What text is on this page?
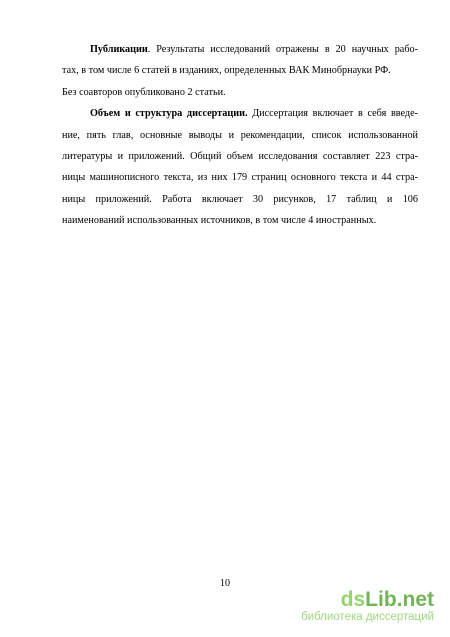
Публикации. Результаты исследований отражены в 20 научных рабо-
тах, в том числе 6 статей в изданиях, определенных ВАК Минобрнауки РФ.
Без соавторов опубликовано 2 статьи.
Объем и структура диссертации. Диссертация включает в себя введе-
ние, пять глав, основные выводы и рекомендации, список использованной
литературы и приложений. Общий объем исследования составляет 223 стра-
ницы машинописного текста, из них 179 страниц основного текста и 44 стра-
ницы приложений. Работа включает 30 рисунков, 17 таблиц и 106
наименований использованных источников, в том числе 4 иностранных.
10
dsLib.net
библиотека диссертаций
